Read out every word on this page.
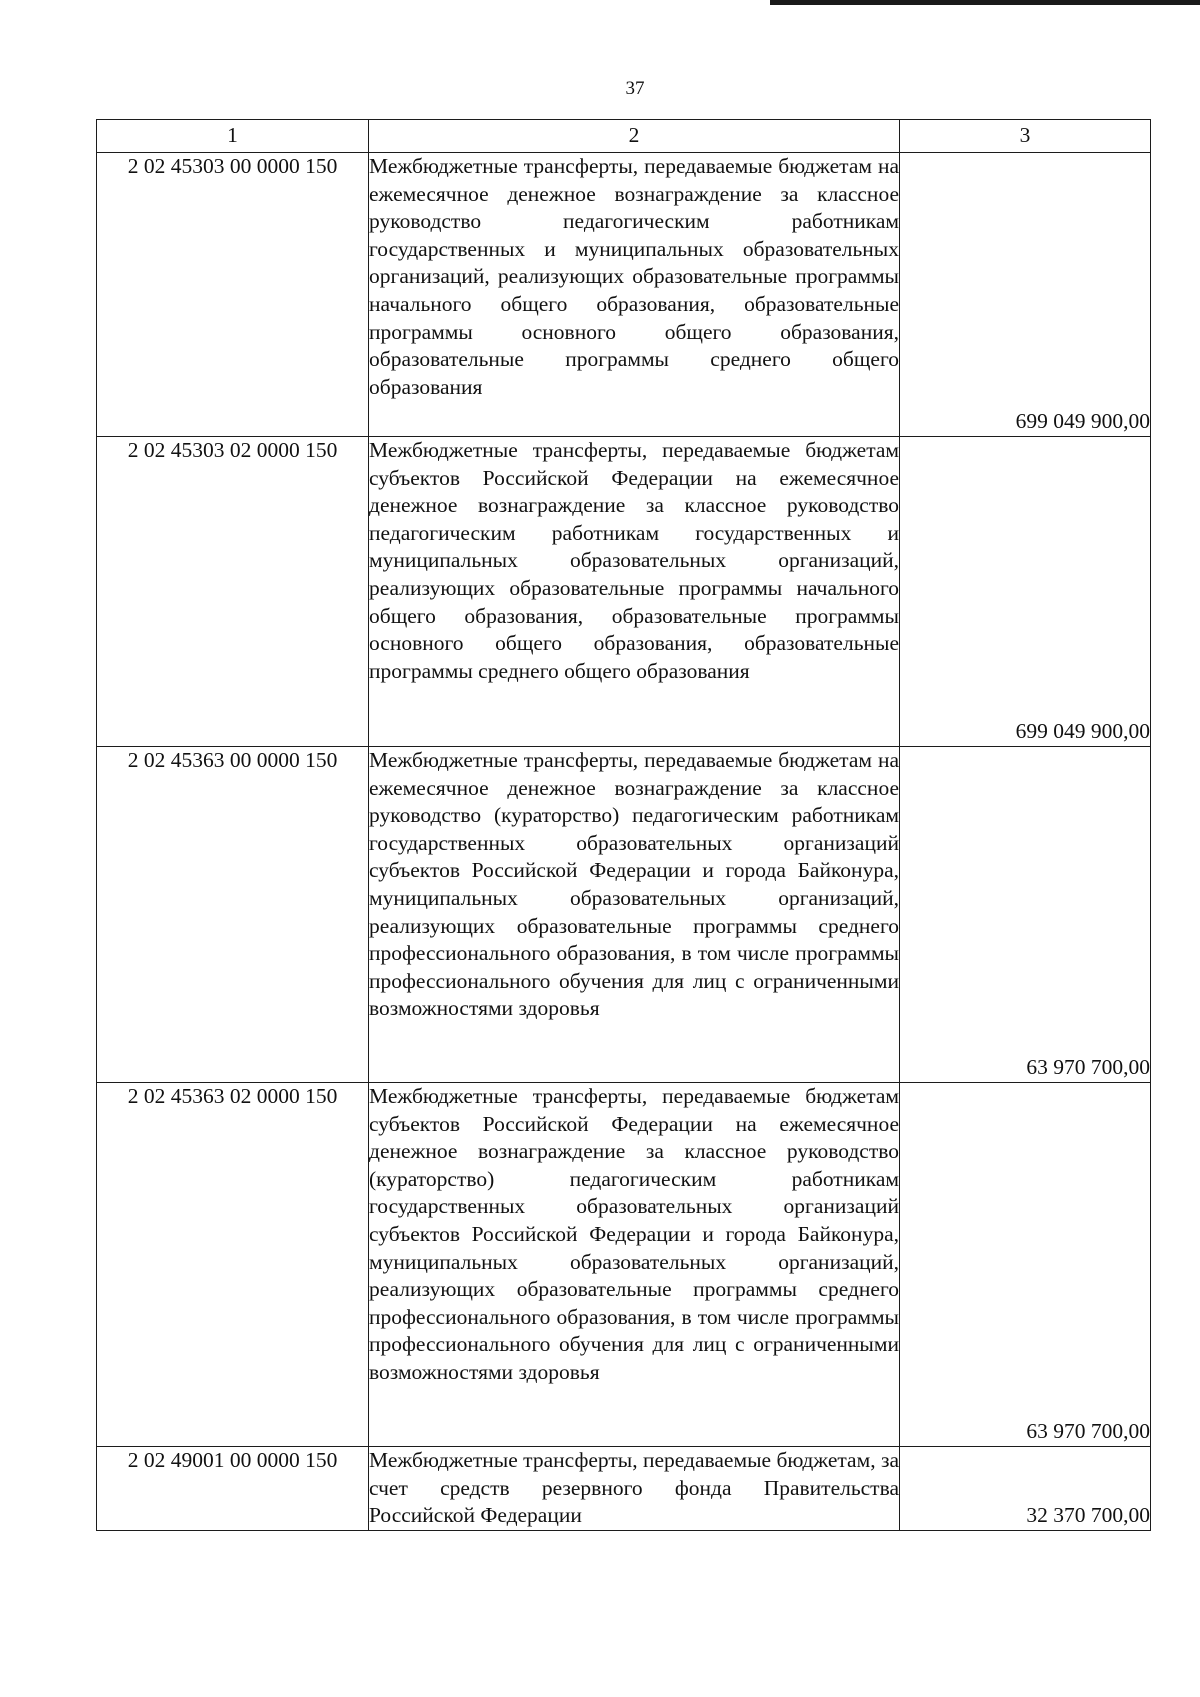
37
1	2	3
2 02 45303 00 0000 150	Межбюджетные трансферты, передаваемые бюджетам на ежемесячное денежное вознаграждение за классное руководство педагогическим работникам государственных и муниципальных образовательных организаций, реализующих образовательные программы начального общего образования, образовательные программы основного общего образования, образовательные программы среднего общего образования	699 049 900,00
2 02 45303 02 0000 150	Межбюджетные трансферты, передаваемые бюджетам субъектов Российской Федерации на ежемесячное денежное вознаграждение за классное руководство педагогическим работникам государственных и муниципальных образовательных организаций, реализующих образовательные программы начального общего образования, образовательные программы основного общего образования, образовательные программы среднего общего образования	699 049 900,00
2 02 45363 00 0000 150	Межбюджетные трансферты, передаваемые бюджетам на ежемесячное денежное вознаграждение за классное руководство (кураторство) педагогическим работникам государственных образовательных организаций субъектов Российской Федерации и города Байконура, муниципальных образовательных организаций, реализующих образовательные программы среднего профессионального образования, в том числе программы профессионального обучения для лиц с ограниченными возможностями здоровья	63 970 700,00
2 02 45363 02 0000 150	Межбюджетные трансферты, передаваемые бюджетам субъектов Российской Федерации на ежемесячное денежное вознаграждение за классное руководство (кураторство) педагогическим работникам государственных образовательных организаций субъектов Российской Федерации и города Байконура, муниципальных образовательных организаций, реализующих образовательные программы среднего профессионального образования, в том числе программы профессионального обучения для лиц с ограниченными возможностями здоровья	63 970 700,00
2 02 49001 00 0000 150	Межбюджетные трансферты, передаваемые бюджетам, за счет средств резервного фонда Правительства Российской Федерации	32 370 700,00
